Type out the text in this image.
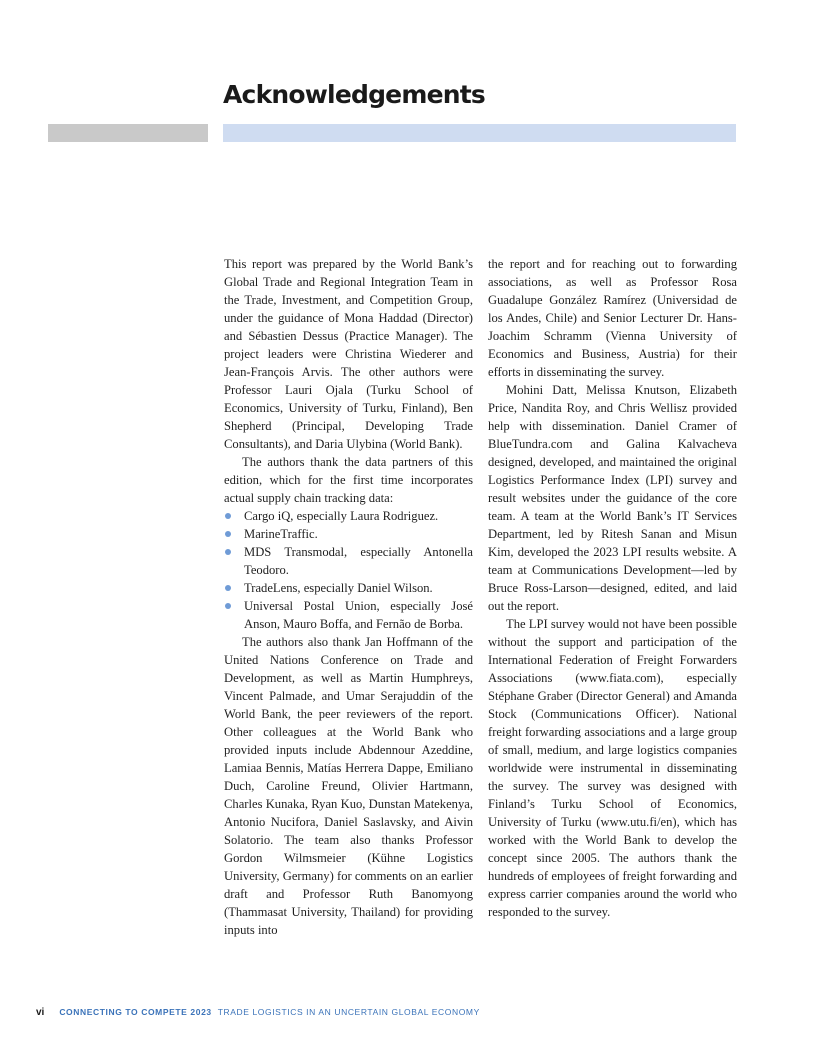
Acknowledgements

This report was prepared by the World Bank’s Global Trade and Regional Integration Team in the Trade, Investment, and Competition Group, under the guidance of Mona Haddad (Director) and Sébastien Dessus (Practice Manager). The project leaders were Christina Wiederer and Jean-François Arvis. The other authors were Professor Lauri Ojala (Turku School of Economics, University of Turku, Finland), Ben Shepherd (Principal, Developing Trade Consultants), and Daria Ulybina (World Bank).

The authors thank the data partners of this edition, which for the first time incorporates actual supply chain tracking data:

Cargo iQ, especially Laura Rodriguez.
MarineTraffic.
MDS Transmodal, especially Antonella Teodoro.
TradeLens, especially Daniel Wilson.
Universal Postal Union, especially José Anson, Mauro Boffa, and Fernão de Borba.

The authors also thank Jan Hoffmann of the United Nations Conference on Trade and Development, as well as Martin Humphreys, Vincent Palmade, and Umar Serajuddin of the World Bank, the peer reviewers of the report. Other colleagues at the World Bank who provided inputs include Abdennour Azeddine, Lamiaa Bennis, Matías Herrera Dappe, Emiliano Duch, Caroline Freund, Olivier Hartmann, Charles Kunaka, Ryan Kuo, Dunstan Matekenya, Antonio Nucifora, Daniel Saslavsky, and Aivin Solatorio. The team also thanks Professor Gordon Wilmsmeier (Kühne Logistics University, Germany) for comments on an earlier draft and Professor Ruth Banomyong (Thammasat University, Thailand) for providing inputs into

the report and for reaching out to forwarding associations, as well as Professor Rosa Guadalupe González Ramírez (Universidad de los Andes, Chile) and Senior Lecturer Dr. Hans-Joachim Schramm (Vienna University of Economics and Business, Austria) for their efforts in disseminating the survey.

Mohini Datt, Melissa Knutson, Elizabeth Price, Nandita Roy, and Chris Wellisz provided help with dissemination. Daniel Cramer of BlueTundra.com and Galina Kalvacheva designed, developed, and maintained the original Logistics Performance Index (LPI) survey and result websites under the guidance of the core team. A team at the World Bank’s IT Services Department, led by Ritesh Sanan and Misun Kim, developed the 2023 LPI results website. A team at Communications Development—led by Bruce Ross-Larson—designed, edited, and laid out the report.

The LPI survey would not have been possible without the support and participation of the International Federation of Freight Forwarders Associations (www.fiata.com), especially Stéphane Graber (Director General) and Amanda Stock (Communications Officer). National freight forwarding associations and a large group of small, medium, and large logistics companies worldwide were instrumental in disseminating the survey. The survey was designed with Finland’s Turku School of Economics, University of Turku (www.utu.fi/en), which has worked with the World Bank to develop the concept since 2005. The authors thank the hundreds of employees of freight forwarding and express carrier companies around the world who responded to the survey.

vi CONNECTING TO COMPETE 2023 TRADE LOGISTICS IN AN UNCERTAIN GLOBAL ECONOMY
